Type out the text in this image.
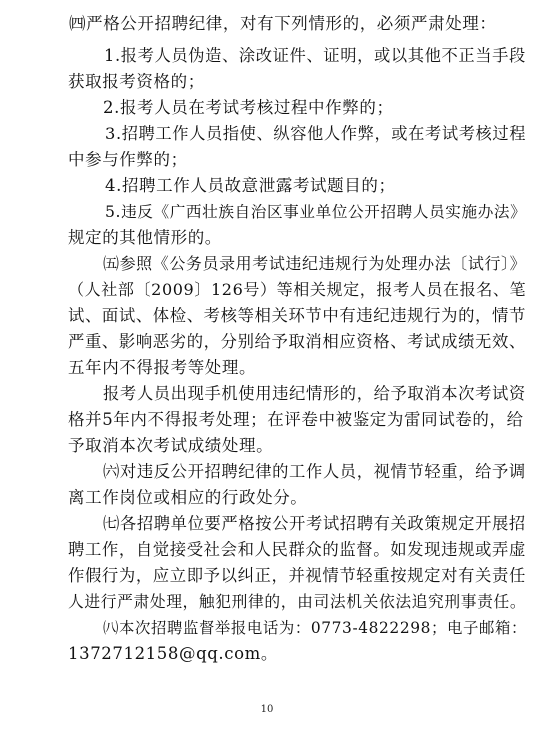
㈣严格公开招聘纪律，对有下列情形的，必须严肃处理：
1.报考人员伪造、涂改证件、证明，或以其他不正当手段
获取报考资格的；
2.报考人员在考试考核过程中作弊的；
3.招聘工作人员指使、纵容他人作弊，或在考试考核过程
中参与作弊的；
4.招聘工作人员故意泄露考试题目的；
5.违反《广西壮族自治区事业单位公开招聘人员实施办法》
规定的其他情形的。
㈤参照《公务员录用考试违纪违规行为处理办法〔试行〕》
（人社部〔2009〕126号）等相关规定，报考人员在报名、笔
试、面试、体检、考核等相关环节中有违纪违规行为的，情节
严重、影响恶劣的，分别给予取消相应资格、考试成绩无效、
五年内不得报考等处理。
报考人员出现手机使用违纪情形的，给予取消本次考试资
格并5年内不得报考处理；在评卷中被鉴定为雷同试卷的，给
予取消本次考试成绩处理。
㈥对违反公开招聘纪律的工作人员，视情节轻重，给予调
离工作岗位或相应的行政处分。
㈦各招聘单位要严格按公开考试招聘有关政策规定开展招
聘工作，自觉接受社会和人民群众的监督。如发现违规或弄虚
作假行为，应立即予以纠正，并视情节轻重按规定对有关责任
人进行严肃处理，触犯刑律的，由司法机关依法追究刑事责任。
㈧本次招聘监督举报电话为：0773-4822298；电子邮箱：
1372712158@qq.com。
10
